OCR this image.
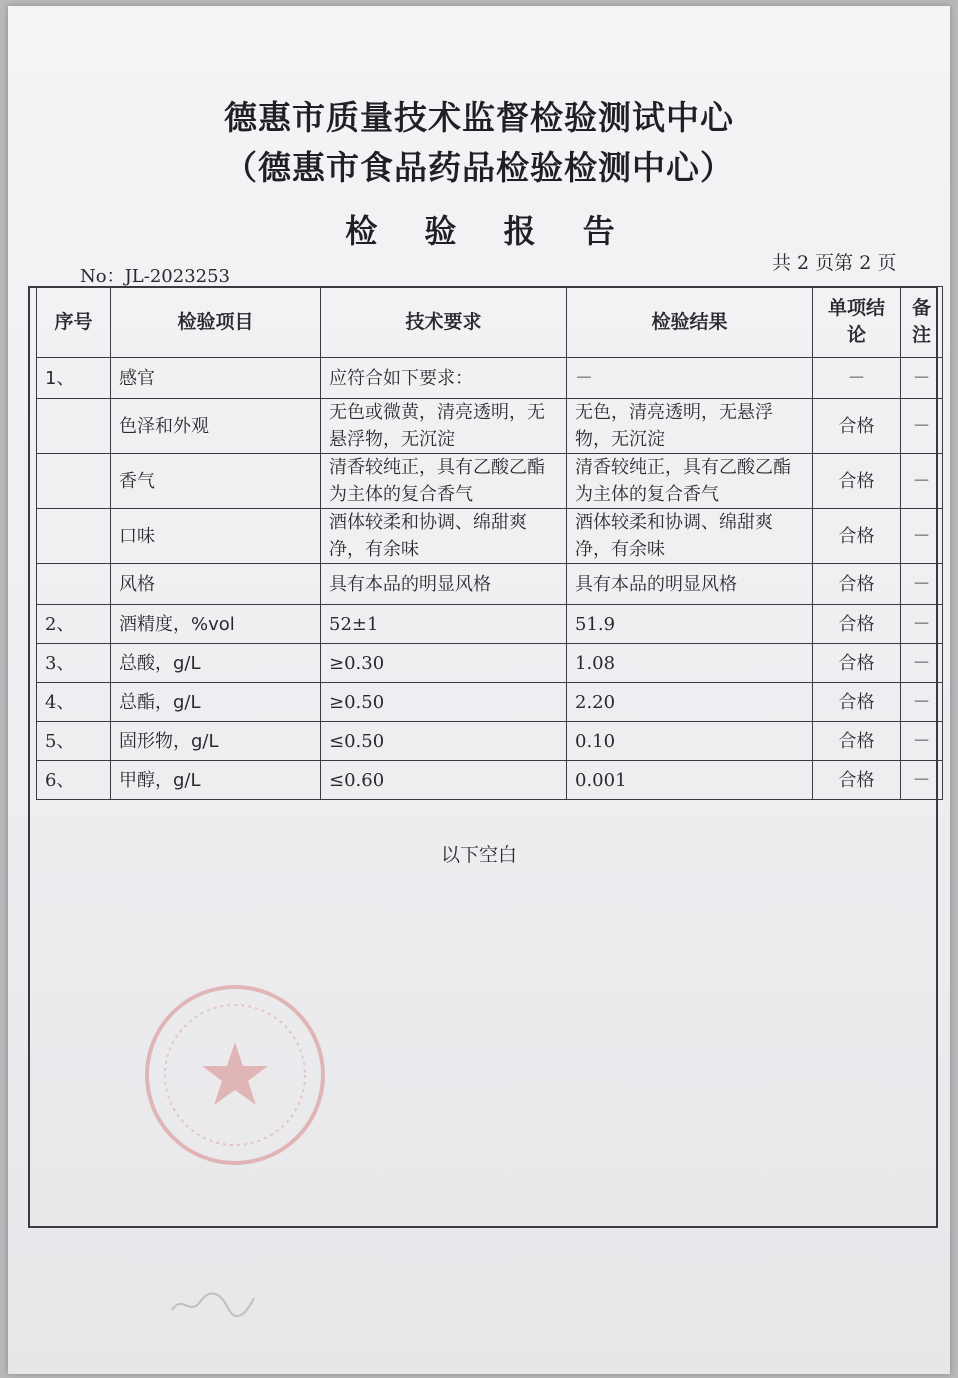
德惠市质量技术监督检验测试中心
（德惠市食品药品检验检测中心）
检 验 报 告
No：JL-2023253
共 2 页第 2 页
序号	检验项目	技术要求	检验结果	单项结论	备注
1、	感官	应符合如下要求：	－	－	－
	色泽和外观	无色或微黄，清亮透明，无悬浮物，无沉淀	无色，清亮透明，无悬浮物，无沉淀	合格	－
	香气	清香较纯正，具有乙酸乙酯为主体的复合香气	清香较纯正，具有乙酸乙酯为主体的复合香气	合格	－
	口味	酒体较柔和协调、绵甜爽净，有余味	酒体较柔和协调、绵甜爽净，有余味	合格	－
	风格	具有本品的明显风格	具有本品的明显风格	合格	－
2、	酒精度，%vol	52±1	51.9	合格	－
3、	总酸，g/L	≥0.30	1.08	合格	－
4、	总酯，g/L	≥0.50	2.20	合格	－
5、	固形物，g/L	≤0.50	0.10	合格	－
6、	甲醇，g/L	≤0.60	0.001	合格	－
以下空白
